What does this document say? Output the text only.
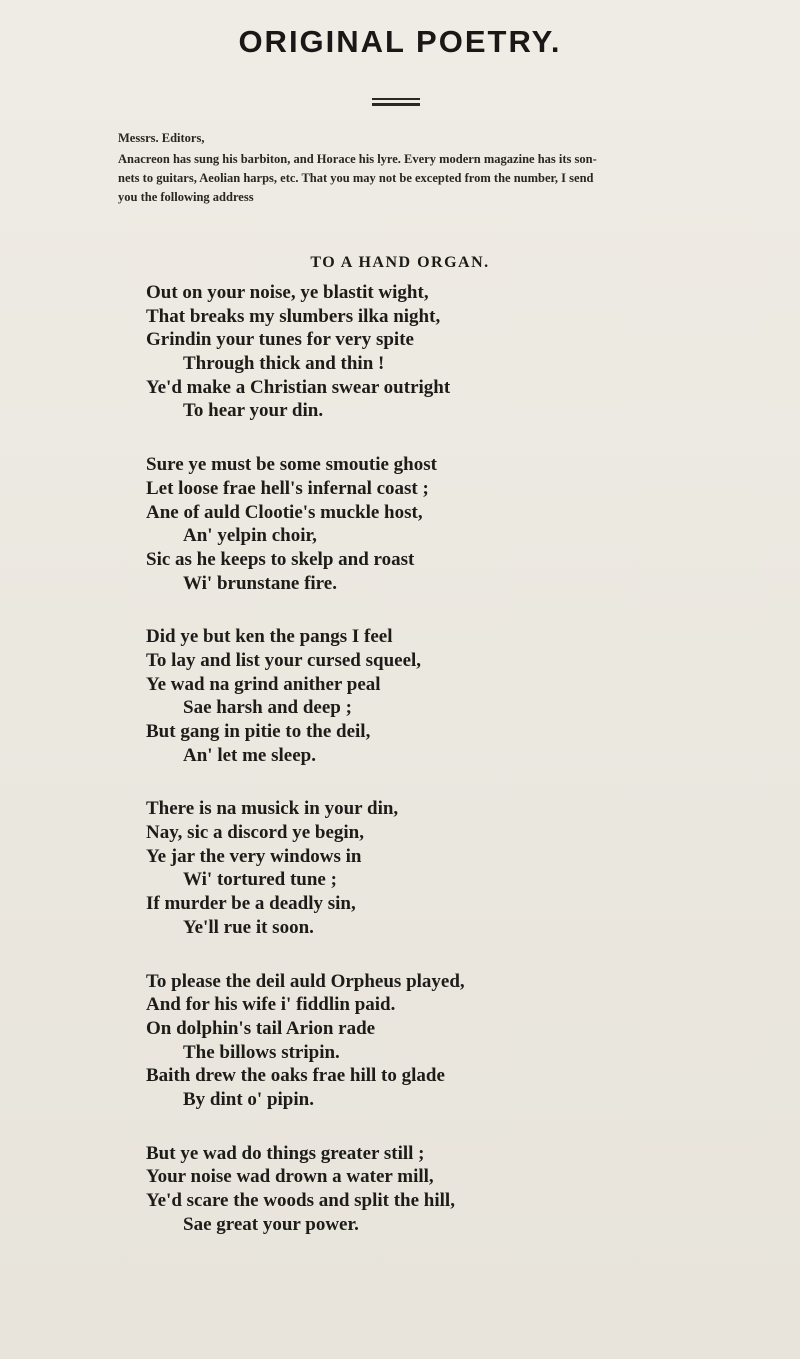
ORIGINAL POETRY.
Messrs. Editors,
Anacreon has sung his barbiton, and Horace his lyre. Every modern magazine has its son-
nets to guitars, Aeolian harps, etc. That you may not be excepted from the number, I send
you the following address
TO A HAND ORGAN.
Out on your noise, ye blastit wight,
That breaks my slumbers ilka night,
Grindin your tunes for very spite
Through thick and thin !
Ye'd make a Christian swear outright
To hear your din.
Sure ye must be some smoutie ghost
Let loose frae hell's infernal coast ;
Ane of auld Clootie's muckle host,
An' yelpin choir,
Sic as he keeps to skelp and roast
Wi' brunstane fire.
Did ye but ken the pangs I feel
To lay and list your cursed squeel,
Ye wad na grind anither peal
Sae harsh and deep ;
But gang in pitie to the deil,
An' let me sleep.
There is na musick in your din,
Nay, sic a discord ye begin,
Ye jar the very windows in
Wi' tortured tune ;
If murder be a deadly sin,
Ye'll rue it soon.
To please the deil auld Orpheus played,
And for his wife i' fiddlin paid.
On dolphin's tail Arion rade
The billows stripin.
Baith drew the oaks frae hill to glade
By dint o' pipin.
But ye wad do things greater still ;
Your noise wad drown a water mill,
Ye'd scare the woods and split the hill,
Sae great your power.
